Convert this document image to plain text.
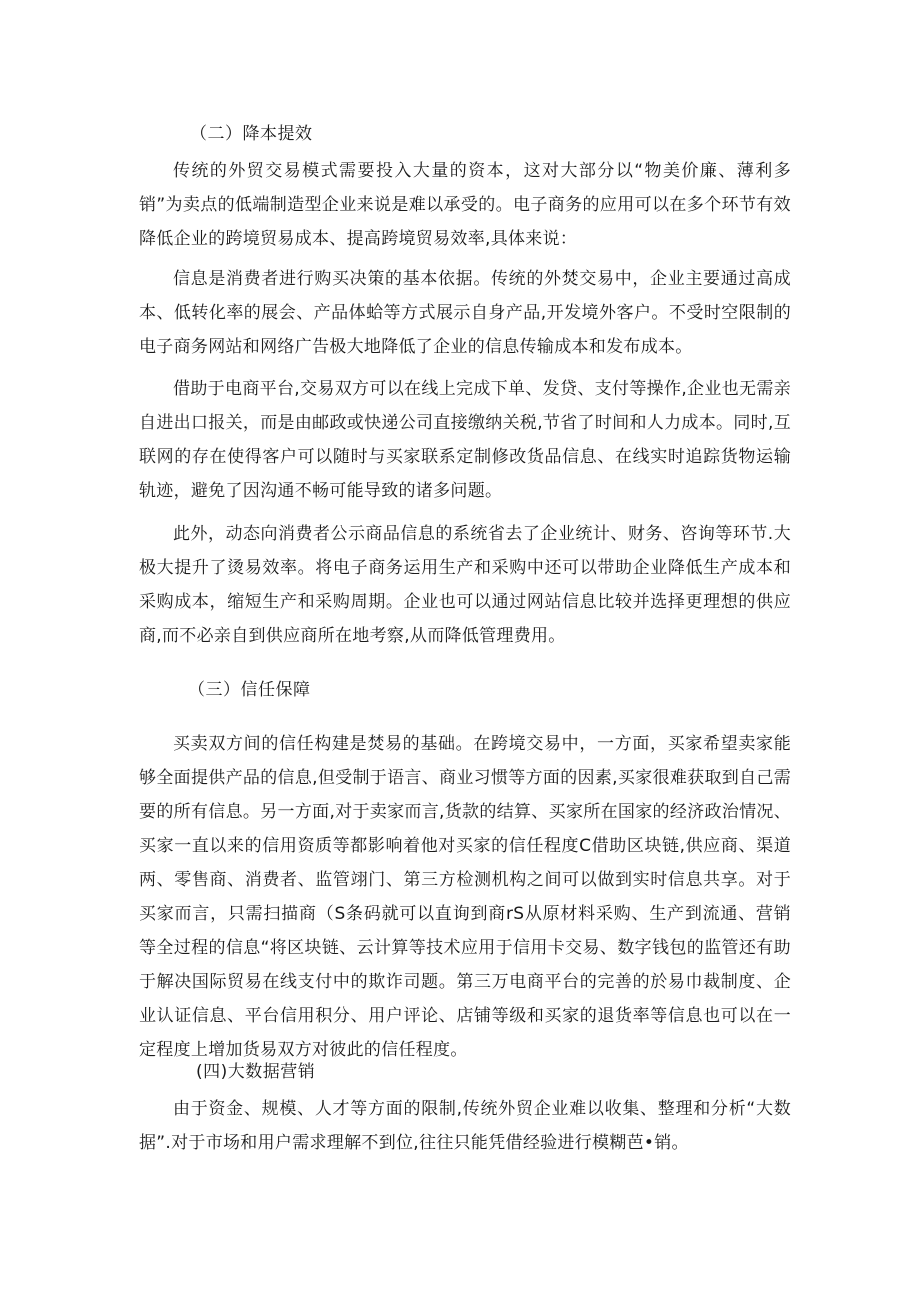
（二）降本提效

传统的外贸交易模式需要投入大量的资本，这对大部分以“物美价廉、薄利多销”为卖点的低端制造型企业来说是难以承受的。电子商务的应用可以在多个环节有效降低企业的跨境贸易成本、提高跨境贸易效率,具体来说：

信息是消费者进行购买决策的基本依据。传统的外焚交易中，企业主要通过高成本、低转化率的展会、产品体蛤等方式展示自身产品,开发境外客户。不受时空限制的电子商务网站和网络广告极大地降低了企业的信息传输成本和发布成本。

借助于电商平台,交易双方可以在线上完成下单、发贷、支付等操作,企业也无需亲自进出口报关，而是由邮政或快递公司直接缴纳关税,节省了时间和人力成本。同时,互联网的存在使得客户可以随时与买家联系定制修改货品信息、在线实时追踪货物运输轨迹，避免了因沟通不畅可能导致的诸多问题。

此外，动态向消费者公示商品信息的系统省去了企业统计、财务、咨询等环节.大极大提升了烫易效率。将电子商务运用生产和采购中还可以带助企业降低生产成本和采购成本，缩短生产和采购周期。企业也可以通过网站信息比较并选择更理想的供应商,而不必亲自到供应商所在地考察,从而降低管理费用。

（三）信任保障

买卖双方间的信任构建是焚易的基础。在跨境交易中，一方面，买家希望卖家能够全面提供产品的信息,但受制于语言、商业习惯等方面的因素,买家很难获取到自己需要的所有信息。另一方面,对于卖家而言,货款的结算、买家所在国家的经济政治情况、买家一直以来的信用资质等都影响着他对买家的信任程度C借助区块链,供应商、渠道两、零售商、消费者、监管翊门、第三方检测机构之间可以做到实时信息共享。对于买家而言，只需扫描商（S条码就可以直询到商rS从原材料采购、生产到流通、营销等全过程的信息“将区块链、云计算等技术应用于信用卡交易、数字钱包的监管还有助于解决国际贸易在线支付中的欺诈司题。第三万电商平台的完善的於易巾裁制度、企业认证信息、平台信用积分、用户评论、店铺等级和买家的退货率等信息也可以在一定程度上增加货易双方对彼此的信任程度。

(四)大数据营销

由于资金、规模、人才等方面的限制,传统外贸企业难以收集、整理和分析“大数据”.对于市场和用户需求理解不到位,往往只能凭借经验进行模糊芭•销。
